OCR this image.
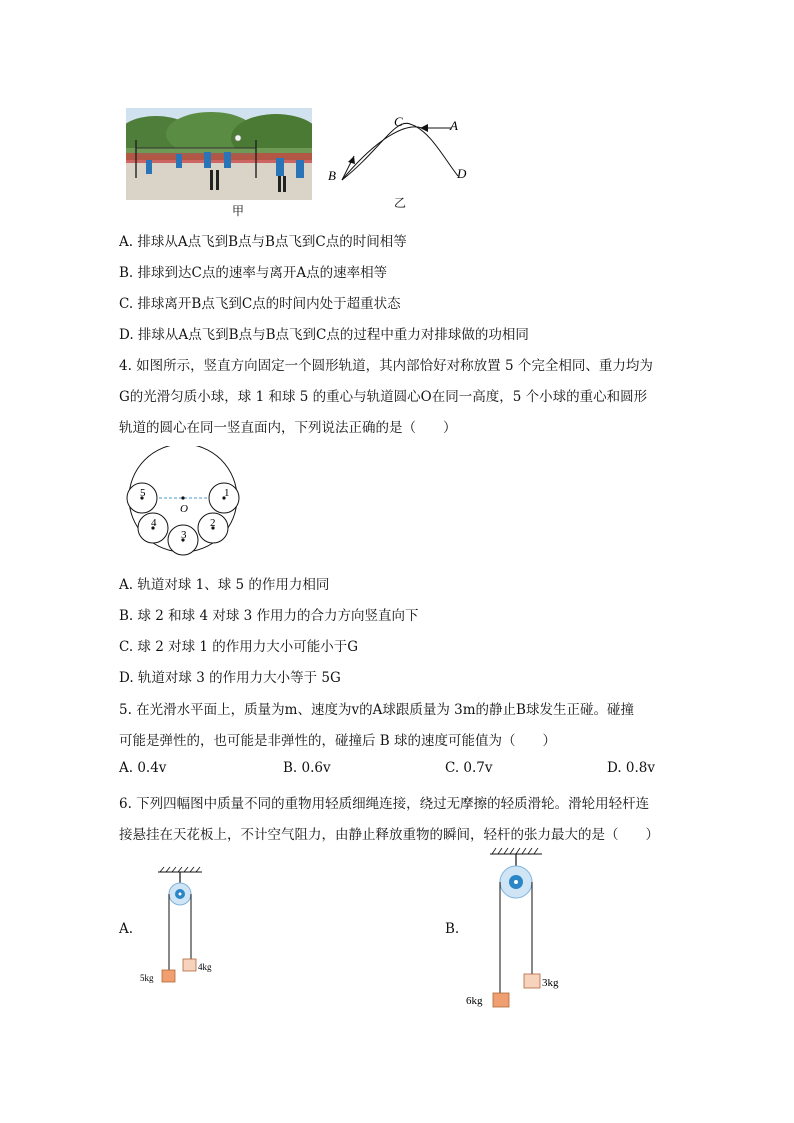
甲
B
C	A
D
乙
A. 排球从A点飞到B点与B点飞到C点的时间相等
B. 排球到达C点的速率与离开A点的速率相等
C. 排球离开B点飞到C点的时间内处于超重状态
D. 排球从A点飞到B点与B点飞到C点的过程中重力对排球做的功相同
4. 如图所示，竖直方向固定一个圆形轨道，其内部恰好对称放置 5 个完全相同、重力均为
G的光滑匀质小球，球 1 和球 5 的重心与轨道圆心O在同一高度，5 个小球的重心和圆形
轨道的圆心在同一竖直面内，下列说法正确的是（　　）
5	1
4	2
3
O
A. 轨道对球 1、球 5 的作用力相同
B. 球 2 和球 4 对球 3 作用力的合力方向竖直向下
C. 球 2 对球 1 的作用力大小可能小于G
D. 轨道对球 3 的作用力大小等于 5G
5. 在光滑水平面上，质量为m、速度为v的A球跟质量为 3m的静止B球发生正碰。碰撞
可能是弹性的，也可能是非弹性的，碰撞后 B 球的速度可能值为（　　）
A. 0.4v	B. 0.6v	C. 0.7v	D. 0.8v
6. 下列四幅图中质量不同的重物用轻质细绳连接，绕过无摩擦的轻质滑轮。滑轮用轻杆连
接悬挂在天花板上，不计空气阻力，由静止释放重物的瞬间，轻杆的张力最大的是（　　）
A.
5kg
4kg
B.
6kg
3kg
